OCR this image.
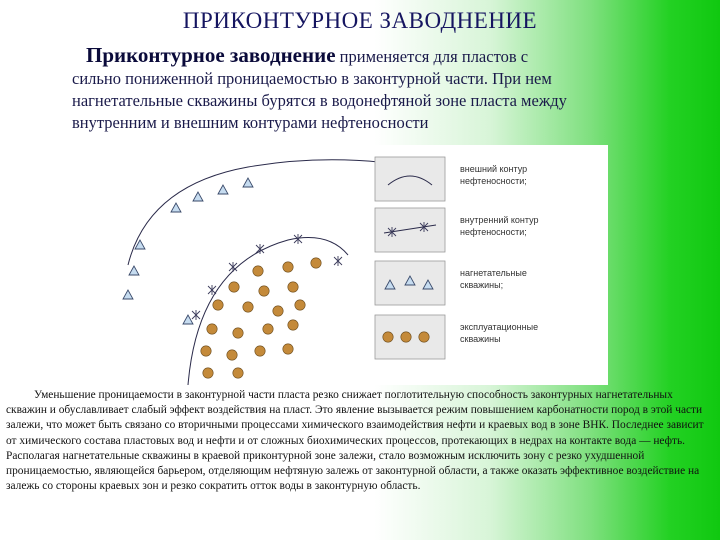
ПРИКОНТУРНОЕ ЗАВОДНЕНИЕ
Приконтурное заводнение применяется для пластов с
сильно пониженной проницаемостью в законтурной части. При нем
нагнетательные скважины бурятся в водонефтяной зоне пласта между
внутренним и внешним контурами нефтеносности
внешний контур
нефтеносности;
внутренний контур
нефтеносности;
нагнетательные
скважины;
эксплуатационные
скважины
Уменьшение проницаемости в законтурной части пласта резко снижает поглотительную способность законтурных нагнетательных скважин и обуславливает слабый эффект воздействия на пласт. Это явление вызывается режим повышением карбонатности пород в этой части залежи, что может быть связано со вторичными процессами химического взаимодействия нефти и краевых вод в зоне ВНК. Последнее зависит от химического состава пластовых вод и нефти и от сложных биохимических процессов, протекающих в недрах на контакте вода — нефть. Располагая нагнетательные скважины в краевой приконтурной зоне залежи, стало возможным исключить зону с резко ухудшенной проницаемостью, являющейся барьером, отделяющим нефтяную залежь от законтурной области, а также оказать эффективное воздействие на залежь со стороны краевых зон и резко сократить отток воды в законтурную область.
